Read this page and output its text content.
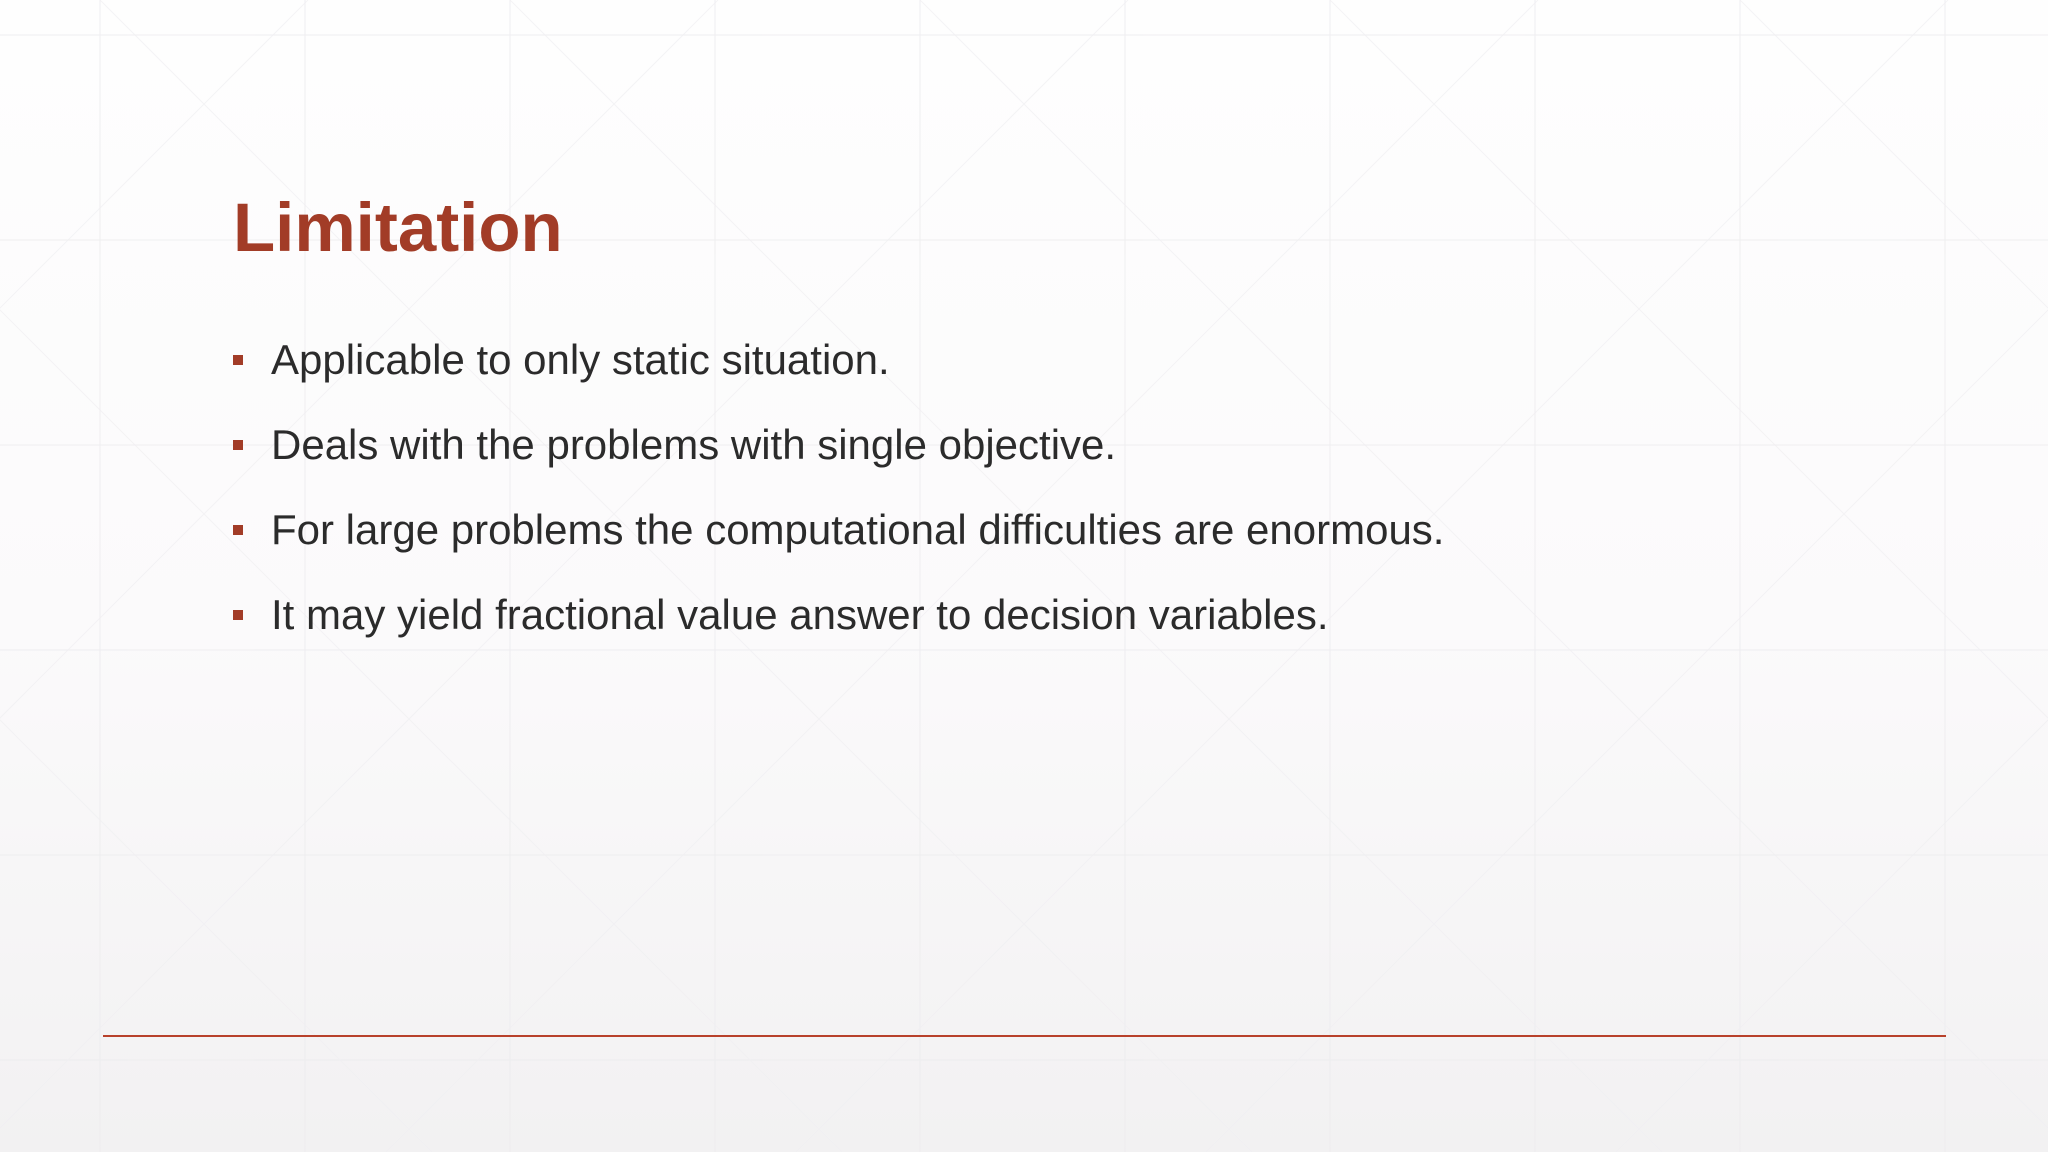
Limitation
Applicable to only static situation.
Deals with the problems with single objective.
For large problems the computational difficulties are enormous.
It may yield fractional value answer to decision variables.
